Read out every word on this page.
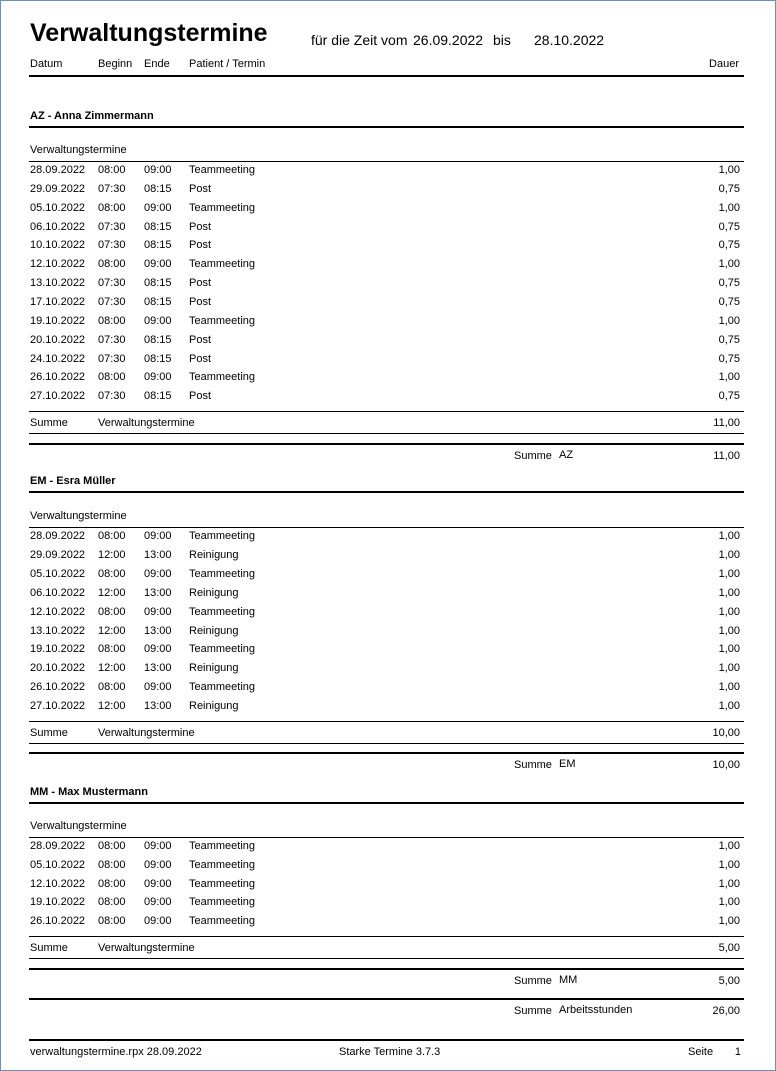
Verwaltungstermine	für die Zeit vom 26.09.2022 bis 28.10.2022
Datum	Beginn Ende Patient / Termin	Dauer
AZ - Anna Zimmermann
Verwaltungstermine
28.09.2022 08:00 09:00 Teammeeting	1,00
29.09.2022 07:30 08:15 Post	0,75
05.10.2022 08:00 09:00 Teammeeting	1,00
06.10.2022 07:30 08:15 Post	0,75
10.10.2022 07:30 08:15 Post	0,75
12.10.2022 08:00 09:00 Teammeeting	1,00
13.10.2022 07:30 08:15 Post	0,75
17.10.2022 07:30 08:15 Post	0,75
19.10.2022 08:00 09:00 Teammeeting	1,00
20.10.2022 07:30 08:15 Post	0,75
24.10.2022 07:30 08:15 Post	0,75
26.10.2022 08:00 09:00 Teammeeting	1,00
27.10.2022 07:30 08:15 Post	0,75
Summe	Verwaltungstermine	11,00
Summe AZ	11,00
EM - Esra Müller
Verwaltungstermine
28.09.2022 08:00 09:00 Teammeeting	1,00
29.09.2022 12:00 13:00 Reinigung	1,00
05.10.2022 08:00 09:00 Teammeeting	1,00
06.10.2022 12:00 13:00 Reinigung	1,00
12.10.2022 08:00 09:00 Teammeeting	1,00
13.10.2022 12:00 13:00 Reinigung	1,00
19.10.2022 08:00 09:00 Teammeeting	1,00
20.10.2022 12:00 13:00 Reinigung	1,00
26.10.2022 08:00 09:00 Teammeeting	1,00
27.10.2022 12:00 13:00 Reinigung	1,00
Summe	Verwaltungstermine	10,00
Summe EM	10,00
MM - Max Mustermann
Verwaltungstermine
28.09.2022 08:00 09:00 Teammeeting	1,00
05.10.2022 08:00 09:00 Teammeeting	1,00
12.10.2022 08:00 09:00 Teammeeting	1,00
19.10.2022 08:00 09:00 Teammeeting	1,00
26.10.2022 08:00 09:00 Teammeeting	1,00
Summe	Verwaltungstermine	5,00
Summe MM	5,00
Summe Arbeitsstunden	26,00
verwaltungstermine.rpx 28.09.2022	Starke Termine 3.7.3	Seite	1
